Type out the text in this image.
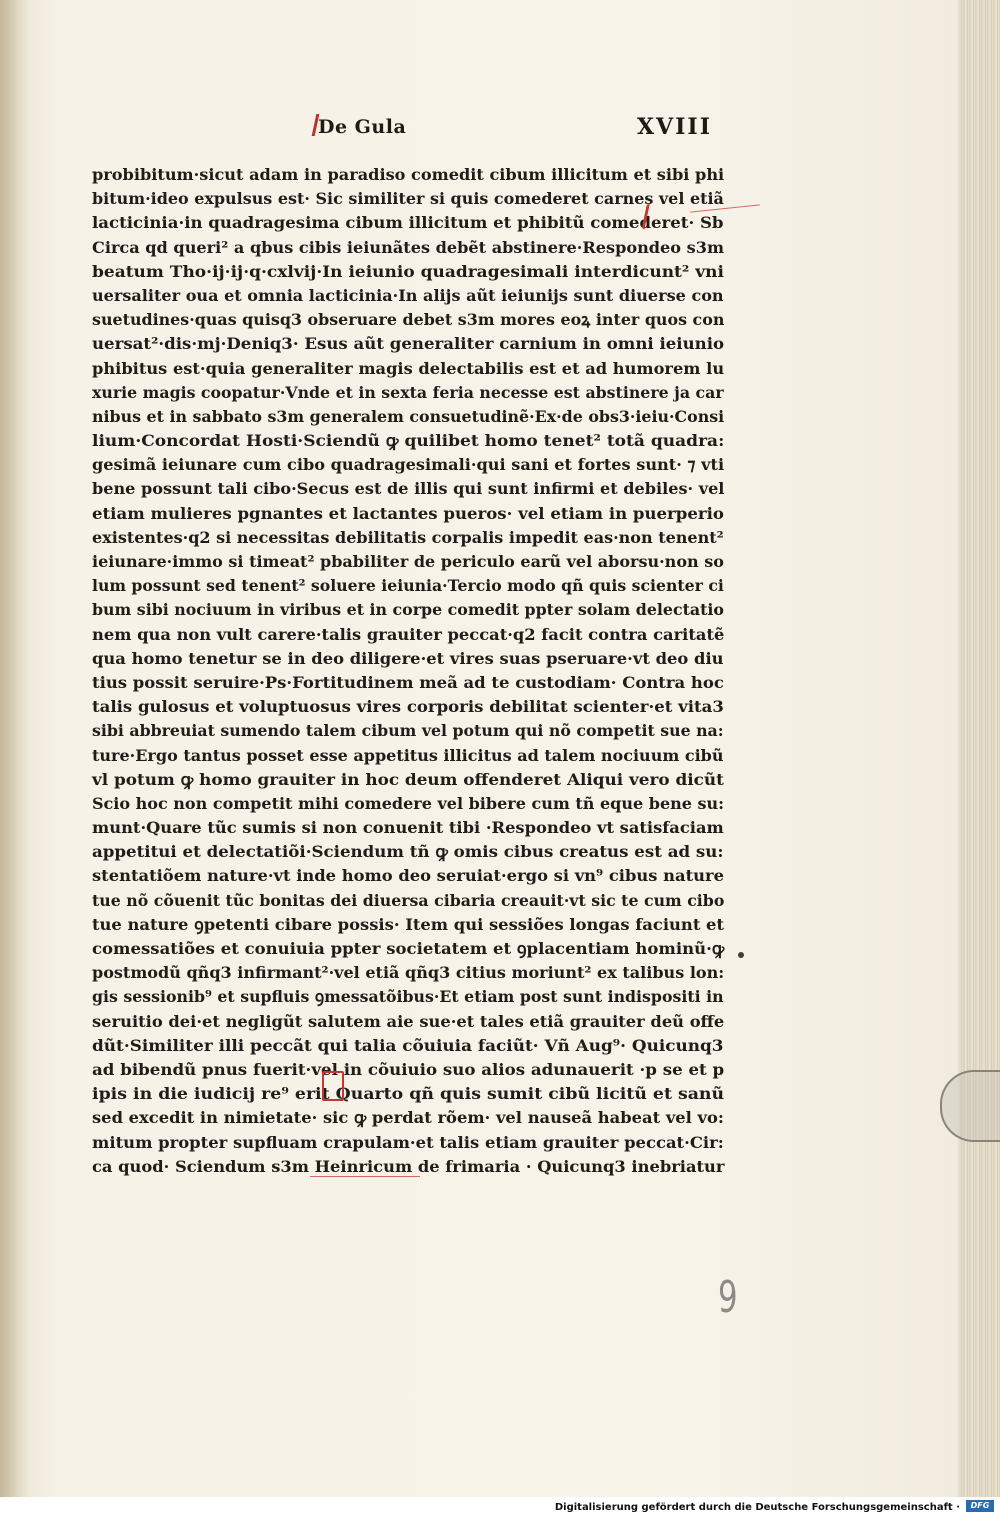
De Gula	XVIII
probibitum·sicut adam in paradiso comedit cibum illicitum et sibi phi
bitum·ideo expulsus est· Sic similiter si quis comederet carnes vel etiã
lacticinia·in quadragesima cibum illicitum et phibitũ comederet· Sb
Circa qd queri² a qbus cibis ieiunãtes debẽt abstinere·Respondeo s3m
beatum Tho·ij·ij·q·cxlvij·In ieiunio quadragesimali interdicunt² vni
uersaliter oua et omnia lacticinia·In alijs aũt ieiunijs sunt diuerse con
suetudines·quas quisq3 obseruare debet s3m mores eoꝝ inter quos con
uersat²·dis·mj·Deniq3· Esus aũt generaliter carnium in omni ieiunio
phibitus est·quia generaliter magis delectabilis est et ad humorem lu
xurie magis coopatur·Vnde et in sexta feria necesse est abstinere ja car
nibus et in sabbato s3m generalem consuetudinẽ·Ex·de obs3·ieiu·Consi
lium·Concordat Hosti·Sciendũ ꝙ quilibet homo tenet² totã quadra:
gesimã ieiunare cum cibo quadragesimali·qui sani et fortes sunt· ⁊ vti
bene possunt tali cibo·Secus est de illis qui sunt infirmi et debiles· vel
etiam mulieres pgnantes et lactantes pueros· vel etiam in puerperio
existentes·q2 si necessitas debilitatis corpalis impedit eas·non tenent²
ieiunare·immo si timeat² pbabiliter de periculo earũ vel aborsu·non so
lum possunt sed tenent² soluere ieiunia·Tercio modo qñ quis scienter ci
bum sibi nociuum in viribus et in corpe comedit ppter solam delectatio
nem qua non vult carere·talis grauiter peccat·q2 facit contra caritatẽ
qua homo tenetur se in deo diligere·et vires suas pseruare·vt deo diu
tius possit seruire·Ps·Fortitudinem meã ad te custodiam· Contra hoc
talis gulosus et voluptuosus vires corporis debilitat scienter·et vita3
sibi abbreuiat sumendo talem cibum vel potum qui nõ competit sue na:
ture·Ergo tantus posset esse appetitus illicitus ad talem nociuum cibũ
vl potum ꝙ homo grauiter in hoc deum offenderet Aliqui vero dicũt
Scio hoc non competit mihi comedere vel bibere cum tñ eque bene su:
munt·Quare tũc sumis si non conuenit tibi ·Respondeo vt satisfaciam
appetitui et delectatiõi·Sciendum tñ ꝙ omis cibus creatus est ad su:
stentatiõem nature·vt inde homo deo seruiat·ergo si vn⁹ cibus nature
tue nõ cõuenit tũc bonitas dei diuersa cibaria creauit·vt sic te cum cibo
tue nature ꝯpetenti cibare possis· Item qui sessiões longas faciunt et
comessatiões et conuiuia ppter societatem et ꝯplacentiam hominũ·ꝙ
postmodũ qñq3 infirmant²·vel etiã qñq3 citius moriunt² ex talibus lon:
gis sessionib⁹ et supfluis ꝯmessatõibus·Et etiam post sunt indispositi in
seruitio dei·et negligũt salutem aie sue·et tales etiã grauiter deũ offe
dũt·Similiter illi peccãt qui talia cõuiuia faciũt· Vñ Aug⁹· Quicunq3
ad bibendũ pnus fuerit·vel in cõuiuio suo alios adunauerit ·p se et p
ipis in die iudicij re⁹ erit Quarto qñ quis sumit cibũ licitũ et sanũ
sed excedit in nimietate· sic ꝙ perdat rõem· vel nauseã habeat vel vo:
mitum propter supfluam crapulam·et talis etiam grauiter peccat·Cir:
ca quod· Sciendum s3m Heinricum de frimaria · Quicunq3 inebriatur
9
Digitalisierung gefördert durch die Deutsche Forschungsgemeinschaft ·	DFG
